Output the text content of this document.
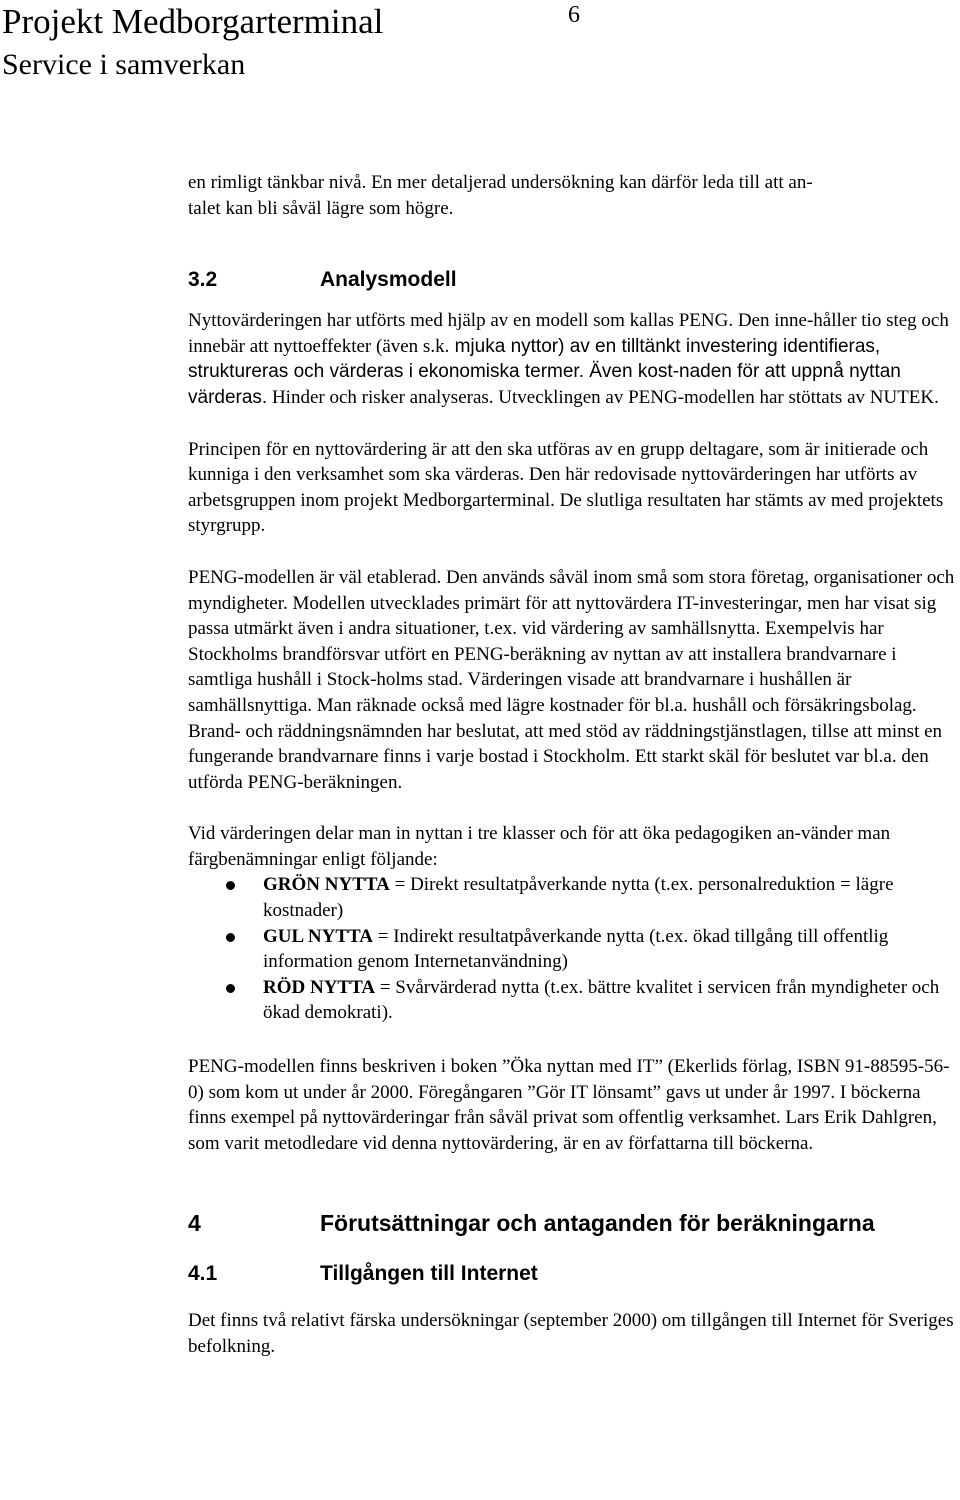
Projekt Medborgarterminal
Service i samverkan
6
en rimligt tänkbar nivå. En mer detaljerad undersökning kan därför leda till att an-
talet kan bli såväl lägre som högre.
3.2	Analysmodell

Nyttovärderingen har utförts med hjälp av en modell som kallas PENG. Den inne-håller tio steg och innebär att nyttoeffekter (även s.k. mjuka nyttor) av en tilltänkt investering identifieras, struktureras och värderas i ekonomiska termer. Även kost-naden för att uppnå nyttan värderas. Hinder och risker analyseras. Utvecklingen av PENG-modellen har stöttats av NUTEK.

Principen för en nyttovärdering är att den ska utföras av en grupp deltagare, som är initierade och kunniga i den verksamhet som ska värderas. Den här redovisade nyttovärderingen har utförts av arbetsgruppen inom projekt Medborgarterminal. De slutliga resultaten har stämts av med projektets styrgrupp.

PENG-modellen är väl etablerad. Den används såväl inom små som stora företag, organisationer och myndigheter. Modellen utvecklades primärt för att nyttovärdera IT-investeringar, men har visat sig passa utmärkt även i andra situationer, t.ex. vid värdering av samhällsnytta. Exempelvis har Stockholms brandförsvar utfört en PENG-beräkning av nyttan av att installera brandvarnare i samtliga hushåll i Stock-holms stad. Värderingen visade att brandvarnare i hushållen är samhällsnyttiga. Man räknade också med lägre kostnader för bl.a. hushåll och försäkringsbolag. Brand- och räddningsnämnden har beslutat, att med stöd av räddningstjänstlagen, tillse att minst en fungerande brandvarnare finns i varje bostad i Stockholm. Ett starkt skäl för beslutet var bl.a. den utförda PENG-beräkningen.

Vid värderingen delar man in nyttan i tre klasser och för att öka pedagogiken an-vänder man färgbenämningar enligt följande:

GRÖN NYTTA = Direkt resultatpåverkande nytta (t.ex. personalreduktion = lägre kostnader)
GUL NYTTA = Indirekt resultatpåverkande nytta (t.ex. ökad tillgång till offentlig information genom Internetanvändning)
RÖD NYTTA = Svårvärderad nytta (t.ex. bättre kvalitet i servicen från myndigheter och ökad demokrati).

PENG-modellen finns beskriven i boken ”Öka nyttan med IT” (Ekerlids förlag, ISBN 91-88595-56-0) som kom ut under år 2000. Föregångaren ”Gör IT lönsamt” gavs ut under år 1997. I böckerna finns exempel på nyttovärderingar från såväl privat som offentlig verksamhet. Lars Erik Dahlgren, som varit metodledare vid denna nyttovärdering, är en av författarna till böckerna.

4	Förutsättningar och antaganden för beräkningarna
4.1	Tillgången till Internet

Det finns två relativt färska undersökningar (september 2000) om tillgången till Internet för Sveriges befolkning.
